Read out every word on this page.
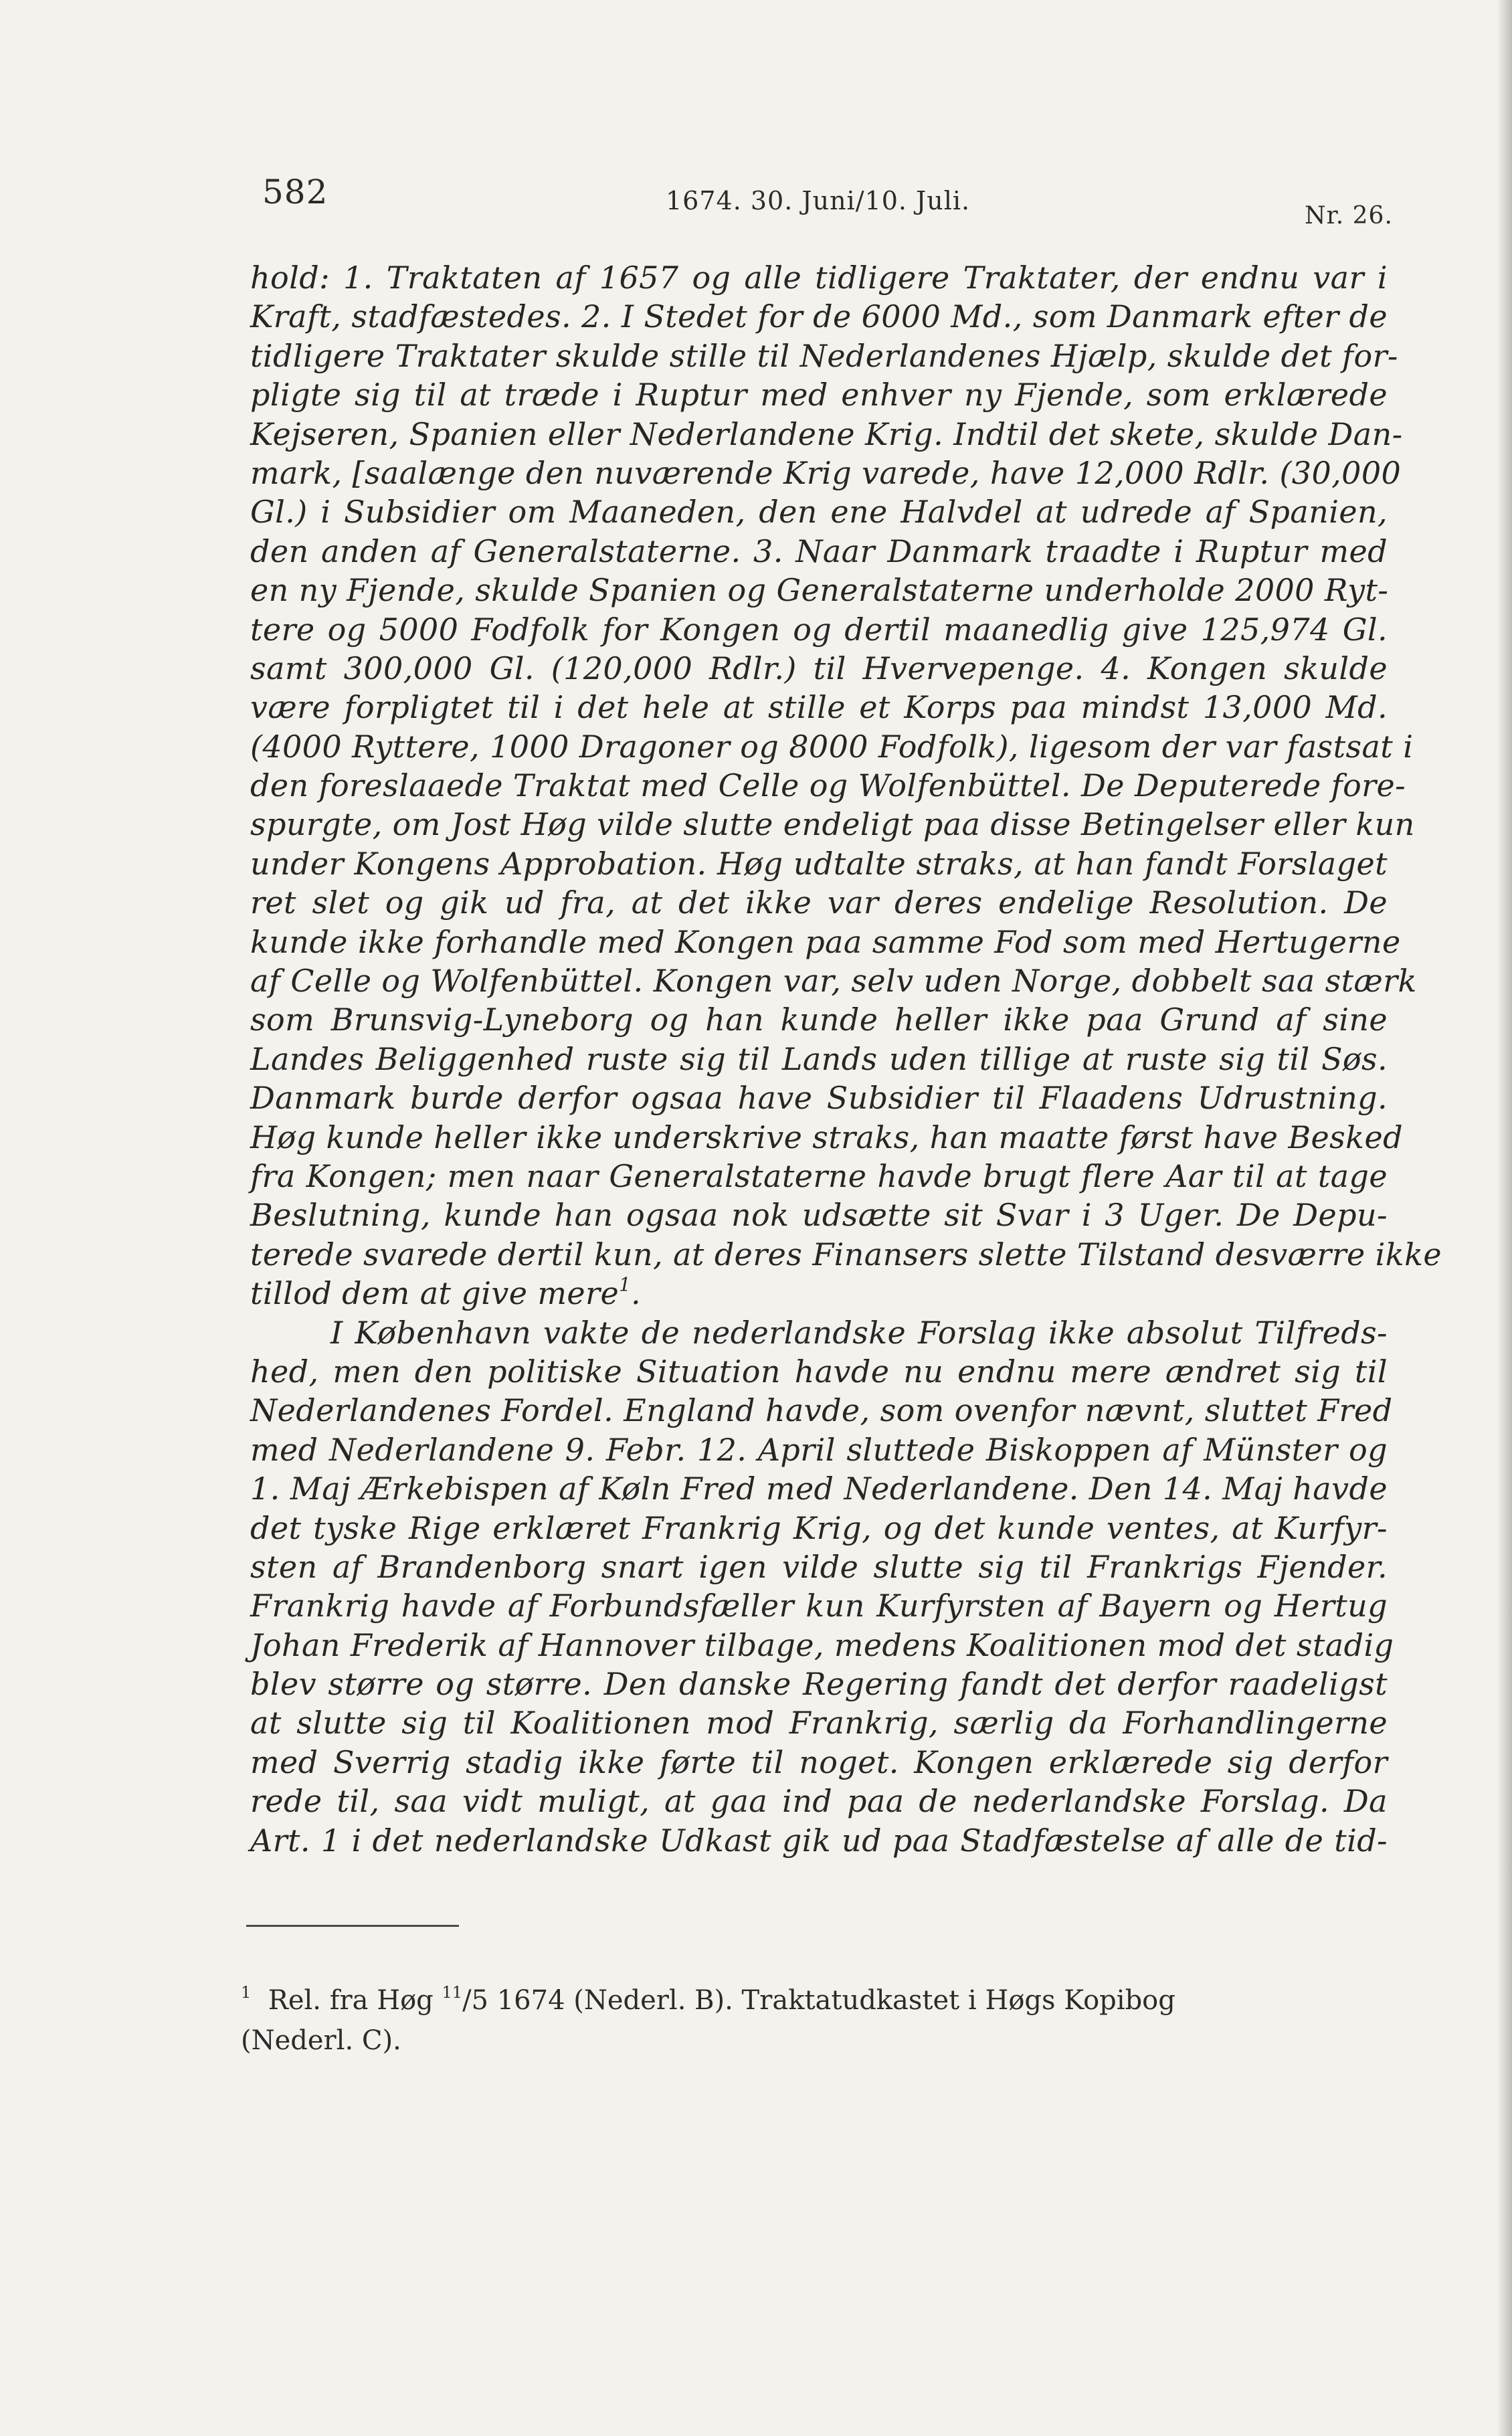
582	1674. 30. Juni/10. Juli.
Nr. 26.
hold: 1. Traktaten af 1657 og alle tidligere Traktater, der endnu var i
Kraft, stadfæstedes. 2. I Stedet for de 6000 Md., som Danmark efter de
tidligere Traktater skulde stille til Nederlandenes Hjælp, skulde det for-
pligte sig til at træde i Ruptur med enhver ny Fjende, som erklærede
Kejseren, Spanien eller Nederlandene Krig. Indtil det skete, skulde Dan-
mark, [saalænge den nuværende Krig varede, have 12,000 Rdlr. (30,000
Gl.) i Subsidier om Maaneden, den ene Halvdel at udrede af Spanien,
den anden af Generalstaterne. 3. Naar Danmark traadte i Ruptur med
en ny Fjende, skulde Spanien og Generalstaterne underholde 2000 Ryt-
tere og 5000 Fodfolk for Kongen og dertil maanedlig give 125,974 Gl.
samt 300,000 Gl. (120,000 Rdlr.) til Hvervepenge. 4. Kongen skulde
være forpligtet til i det hele at stille et Korps paa mindst 13,000 Md.
(4000 Ryttere, 1000 Dragoner og 8000 Fodfolk), ligesom der var fastsat i
den foreslaaede Traktat med Celle og Wolfenbüttel. De Deputerede fore-
spurgte, om Jost Høg vilde slutte endeligt paa disse Betingelser eller kun
under Kongens Approbation. Høg udtalte straks, at han fandt Forslaget
ret slet og gik ud fra, at det ikke var deres endelige Resolution. De
kunde ikke forhandle med Kongen paa samme Fod som med Hertugerne
af Celle og Wolfenbüttel. Kongen var, selv uden Norge, dobbelt saa stærk
som Brunsvig-Lyneborg og han kunde heller ikke paa Grund af sine
Landes Beliggenhed ruste sig til Lands uden tillige at ruste sig til Søs.
Danmark burde derfor ogsaa have Subsidier til Flaadens Udrustning.
Høg kunde heller ikke underskrive straks, han maatte først have Besked
fra Kongen; men naar Generalstaterne havde brugt flere Aar til at tage
Beslutning, kunde han ogsaa nok udsætte sit Svar i 3 Uger. De Depu-
terede svarede dertil kun, at deres Finansers slette Tilstand desværre ikke
tillod dem at give mere$^1$.
I København vakte de nederlandske Forslag ikke absolut Tilfreds-
hed, men den politiske Situation havde nu endnu mere ændret sig til
Nederlandenes Fordel. England havde, som ovenfor nævnt, sluttet Fred
med Nederlandene 9. Febr. 12. April sluttede Biskoppen af Münster og
1. Maj Ærkebispen af Køln Fred med Nederlandene. Den 14. Maj havde
det tyske Rige erklæret Frankrig Krig, og det kunde ventes, at Kurfyr-
sten af Brandenborg snart igen vilde slutte sig til Frankrigs Fjender.
Frankrig havde af Forbundsfæller kun Kurfyrsten af Bayern og Hertug
Johan Frederik af Hannover tilbage, medens Koalitionen mod det stadig
blev større og større. Den danske Regering fandt det derfor raadeligst
at slutte sig til Koalitionen mod Frankrig, særlig da Forhandlingerne
med Sverrig stadig ikke førte til noget. Kongen erklærede sig derfor
rede til, saa vidt muligt, at gaa ind paa de nederlandske Forslag. Da
Art. 1 i det nederlandske Udkast gik ud paa Stadfæstelse af alle de tid-
$^1$ Rel. fra Høg $^{11}$/5 1674 (Nederl. B). Traktatudkastet i Høgs Kopibog
(Nederl. C).
